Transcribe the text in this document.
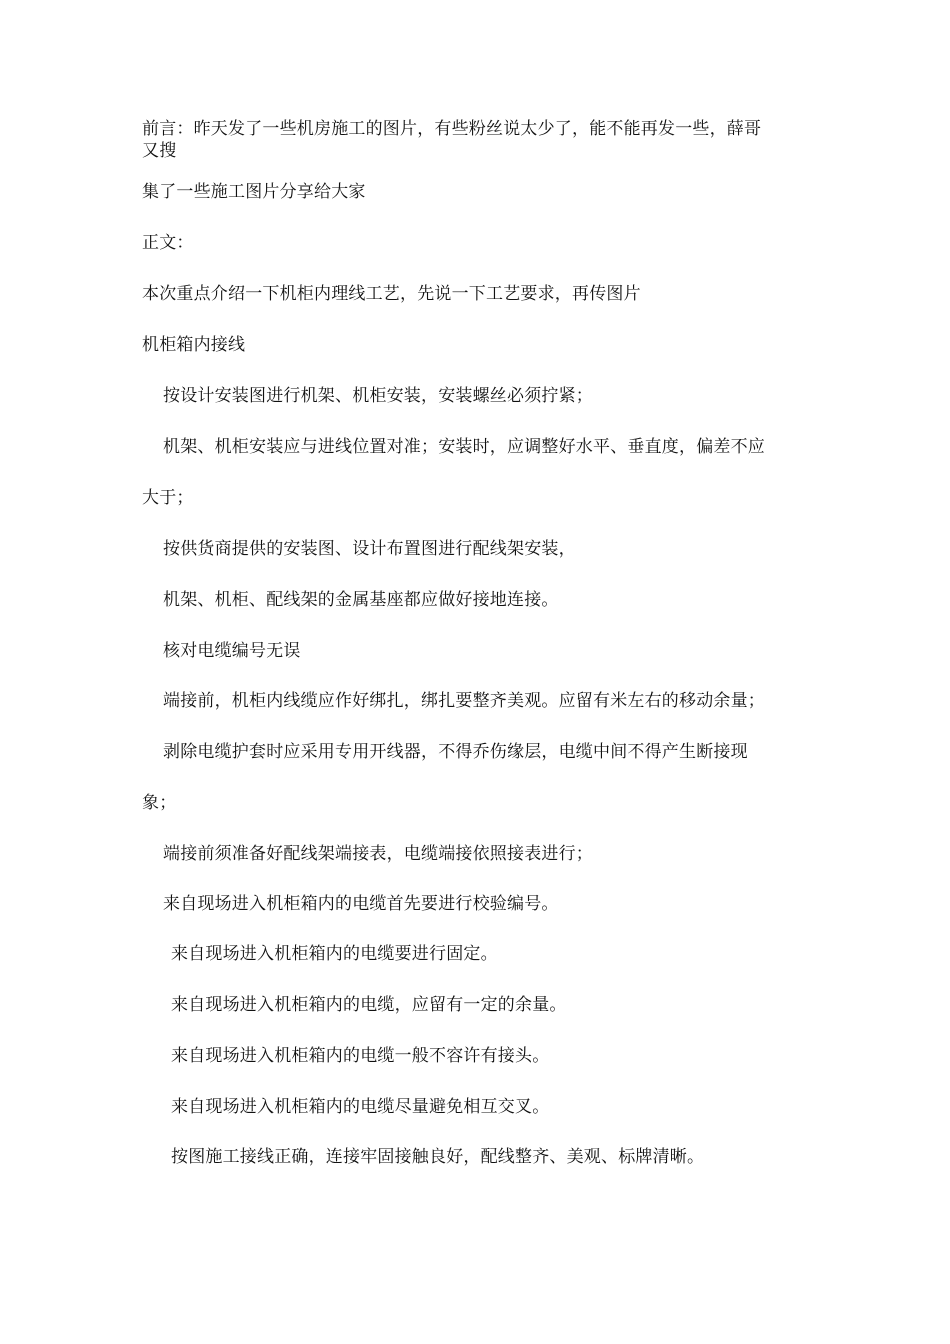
前言：昨天发了一些机房施工的图片，有些粉丝说太少了，能不能再发一些，薛哥
又搜
集了一些施工图片分享给大家
正文：
本次重点介绍一下机柜内理线工艺，先说一下工艺要求，再传图片
机柜箱内接线
按设计安装图进行机架、机柜安装，安装螺丝必须拧紧；
机架、机柜安装应与进线位置对准；安装时，应调整好水平、垂直度，偏差不应
大于；
按供货商提供的安装图、设计布置图进行配线架安装，
机架、机柜、配线架的金属基座都应做好接地连接。
核对电缆编号无误
端接前，机柜内线缆应作好绑扎，绑扎要整齐美观。应留有米左右的移动余量；
剥除电缆护套时应采用专用开线器，不得乔伤缘层，电缆中间不得产生断接现
象；
端接前须准备好配线架端接表，电缆端接依照接表进行；
来自现场进入机柜箱内的电缆首先要进行校验编号。
来自现场进入机柜箱内的电缆要进行固定。
来自现场进入机柜箱内的电缆，应留有一定的余量。
来自现场进入机柜箱内的电缆一般不容许有接头。
来自现场进入机柜箱内的电缆尽量避免相互交叉。
按图施工接线正确，连接牢固接触良好，配线整齐、美观、标牌清晰。
